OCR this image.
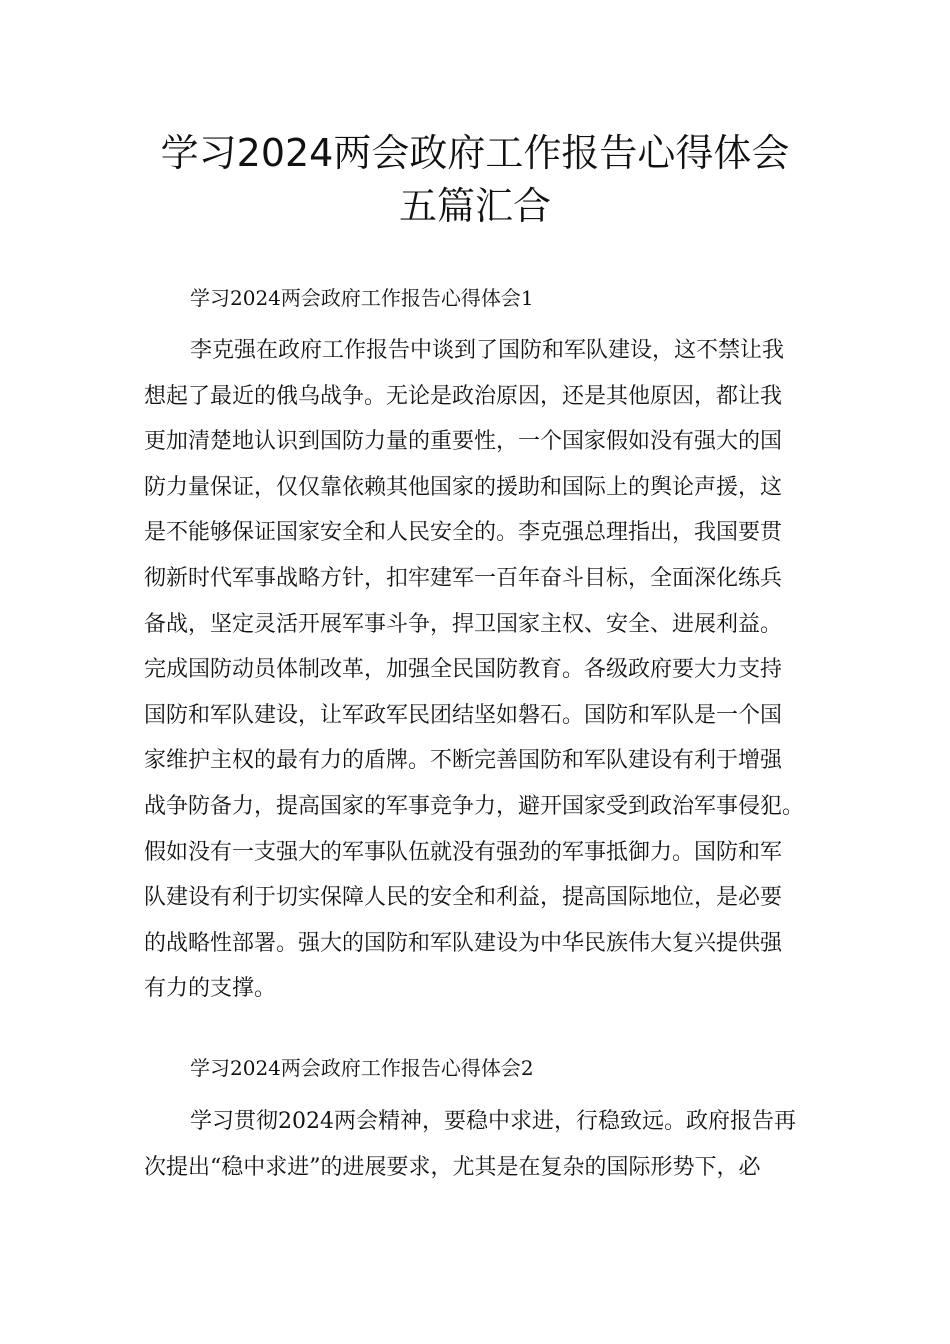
学习2024两会政府工作报告心得体会
五篇汇合
学习2024两会政府工作报告心得体会1
李克强在政府工作报告中谈到了国防和军队建设，这不禁让我
想起了最近的俄乌战争。无论是政治原因，还是其他原因，都让我
更加清楚地认识到国防力量的重要性，一个国家假如没有强大的国
防力量保证，仅仅靠依赖其他国家的援助和国际上的舆论声援，这
是不能够保证国家安全和人民安全的。李克强总理指出，我国要贯
彻新时代军事战略方针，扣牢建军一百年奋斗目标，全面深化练兵
备战，坚定灵活开展军事斗争，捍卫国家主权、安全、进展利益。
完成国防动员体制改革，加强全民国防教育。各级政府要大力支持
国防和军队建设，让军政军民团结坚如磐石。国防和军队是一个国
家维护主权的最有力的盾牌。不断完善国防和军队建设有利于增强
战争防备力，提高国家的军事竞争力，避开国家受到政治军事侵犯。
假如没有一支强大的军事队伍就没有强劲的军事抵御力。国防和军
队建设有利于切实保障人民的安全和利益，提高国际地位，是必要
的战略性部署。强大的国防和军队建设为中华民族伟大复兴提供强
有力的支撑。
学习2024两会政府工作报告心得体会2
学习贯彻2024两会精神，要稳中求进，行稳致远。政府报告再
次提出“稳中求进”的进展要求，尤其是在复杂的国际形势下，必
